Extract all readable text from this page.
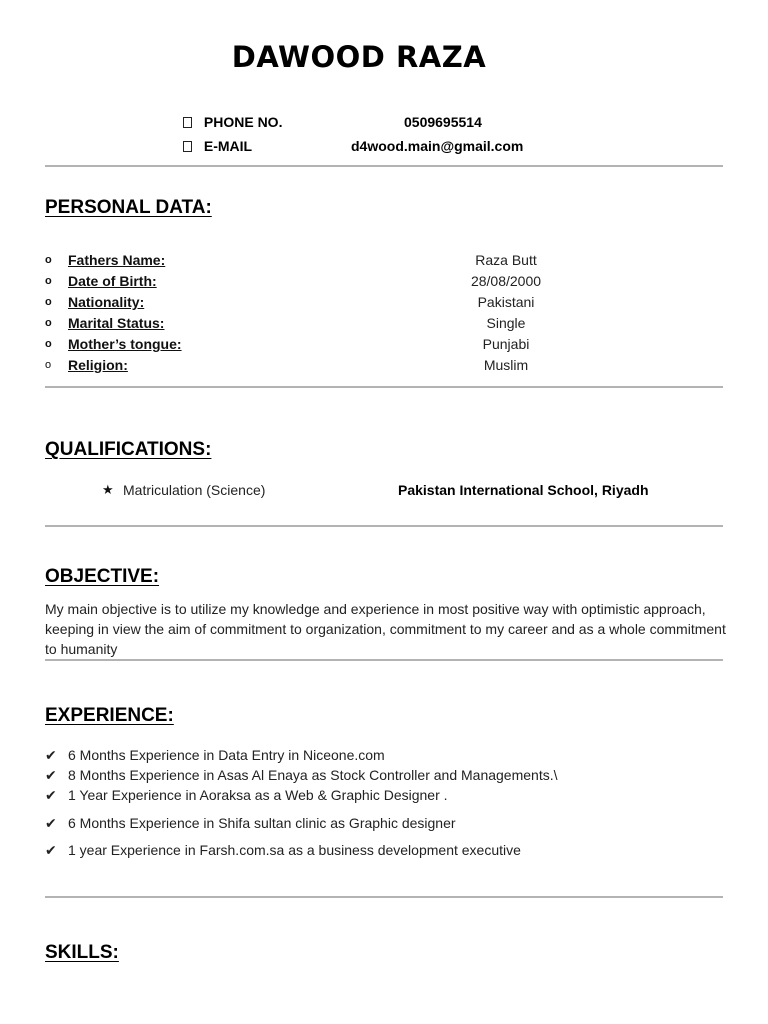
DAWOOD RAZA
PHONE NO.	0509695514
E-MAIL	d4wood.main@gmail.com
PERSONAL DATA:
o Fathers Name:	Raza Butt
o Date of Birth:	28/08/2000
o Nationality:	Pakistani
o Marital Status:	Single
o Mother’s tongue:	Punjabi
o Religion:	Muslim
QUALIFICATIONS:
★ Matriculation (Science)	Pakistan International School, Riyadh
OBJECTIVE:
My main objective is to utilize my knowledge and experience in most positive way with optimistic approach, keeping in view the aim of commitment to organization, commitment to my career and as a whole commitment to humanity
EXPERIENCE:
✔ 6 Months Experience in Data Entry in Niceone.com
✔ 8 Months Experience in Asas Al Enaya as Stock Controller and Managements.\
✔ 1 Year Experience in Aoraksa as a Web & Graphic Designer .
✔ 6 Months Experience in Shifa sultan clinic as Graphic designer
✔ 1 year Experience in Farsh.com.sa as a business development executive
SKILLS:
